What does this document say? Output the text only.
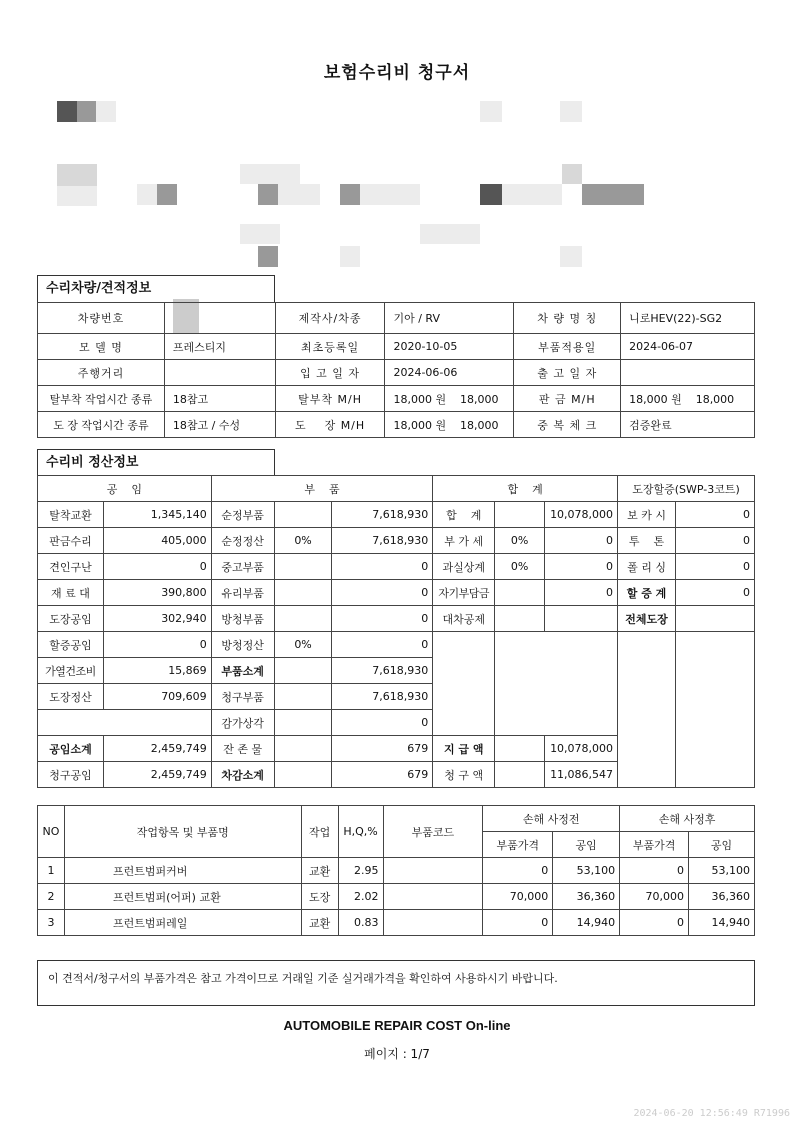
보험수리비 청구서
수리차량/견적정보
차량번호		제작사/차종	기아 / RV	차 량 명 칭	니로HEV(22)-SG2
모 델 명	프레스티지	최초등록일	2020-10-05	부품적용일	2024-06-07
주행거리		입 고 일 자	2024-06-06	출 고 일 자	
탈부착 작업시간 종류	18참고	탈부착 M/H	18,000 원    18,000	판 금 M/H	18,000 원    18,000
도 장 작업시간 종류	18참고 / 수성	도    장 M/H	18,000 원    18,000	중 복 체 크	검증완료
수리비 정산정보
공    임		부    품			합    계			도장할증(SWP-3코트)	
탈착교환	1,345,140	순정부품		7,618,930	합    계		10,078,000	보 카 시	0
판금수리	405,000	순정정산	0%	7,618,930	부 가 세	0%	0	투    톤	0
견인구난	0	중고부품		0	과실상계	0%	0	폴 리 싱	0
재 료 대	390,800	유리부품		0	자기부담금		0	할 증 계	0
도장공임	302,940	방청부품		0	대차공제			전체도장	
할증공임	0	방청정산	0%	0					
가열건조비	15,869	부품소계		7,618,930					
도장정산	709,609	청구부품		7,618,930					
		감가상각		0					
공임소계	2,459,749	잔 존 물		679	지 급 액		10,078,000		
청구공임	2,459,749	차감소계		679	청 구 액		11,086,547		
NO	작업항목 및 부품명	작업	H,Q,%	부품코드	손해 사정전		손해 사정후	
					부품가격	공임	부품가격	공임
1	프런트범퍼커버	교환	2.95		0	53,100	0	53,100
2	프런트범퍼(어퍼) 교환	도장	2.02		70,000	36,360	70,000	36,360
3	프런트범퍼레일	교환	0.83		0	14,940	0	14,940
이 견적서/청구서의 부품가격은 참고 가격이므로 거래일 기준 실거래가격을 확인하여 사용하시기 바랍니다.
AUTOMOBILE REPAIR COST On-line
페이지 : 1/7
2024-06-20 12:56:49 R71996
